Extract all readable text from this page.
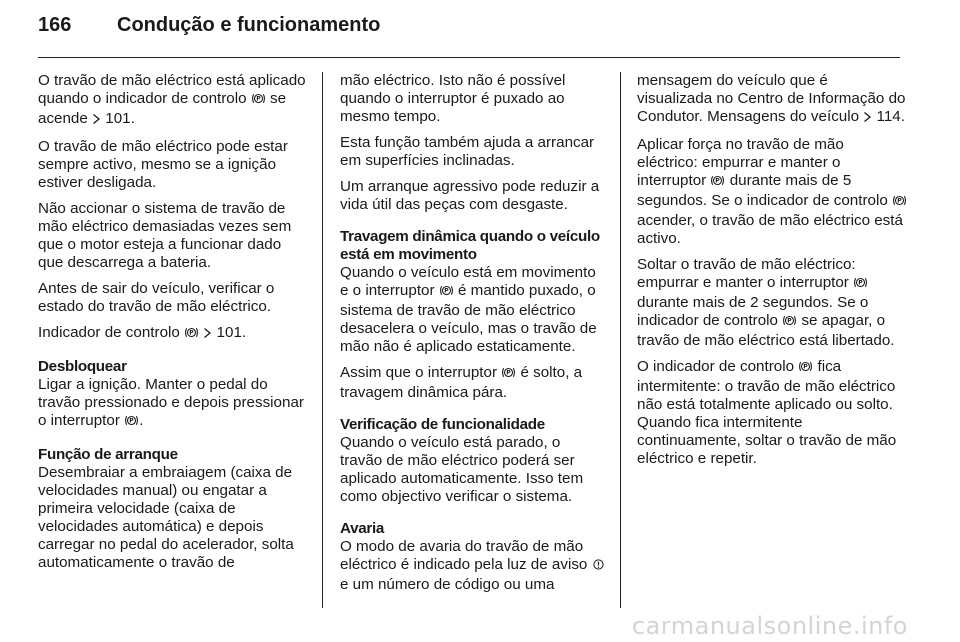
166 Condução e funcionamento

O travão de mão eléctrico está aplicado quando o indicador de controlo P se acende  101.

O travão de mão eléctrico pode estar sempre activo, mesmo se a ignição estiver desligada.

Não accionar o sistema de travão de mão eléctrico demasiadas vezes sem que o motor esteja a funcionar dado que descarrega a bateria.

Antes de sair do veículo, verificar o estado do travão de mão eléctrico.

Indicador de controlo P 101.

Desbloquear

Ligar a ignição. Manter o pedal do travão pressionado e depois pressionar o interruptor P .

Função de arranque

Desembraiar a embraiagem (caixa de velocidades manual) ou engatar a primeira velocidade (caixa de velocidades automática) e depois carregar no pedal do acelerador, solta automaticamente o travão de

mão eléctrico. Isto não é possível quando o interruptor é puxado ao mesmo tempo.

Esta função também ajuda a arrancar em superfícies inclinadas.

Um arranque agressivo pode reduzir a vida útil das peças com desgaste.

Travagem dinâmica quando o veículo está em movimento

Quando o veículo está em movimento e o interruptor P é mantido puxado, o sistema de travão de mão eléctrico desacelera o veículo, mas o travão de mão não é aplicado estaticamente.

Assim que o interruptor P é solto, a travagem dinâmica pára.

Verificação de funcionalidade

Quando o veículo está parado, o travão de mão eléctrico poderá ser aplicado automaticamente. Isso tem como objectivo verificar o sistema.

Avaria

O modo de avaria do travão de mão eléctrico é indicado pela luz de aviso  e um número de código ou uma

mensagem do veículo que é visualizada no Centro de Informação do Condutor. Mensagens do veículo 114.

Aplicar força no travão de mão eléctrico: empurrar e manter o interruptor P durante mais de 5 segundos. Se o indicador de controlo P
acender, o travão de mão eléctrico está activo.

Soltar o travão de mão eléctrico: empurrar e manter o interruptor P
durante mais de 2 segundos. Se o indicador de controlo P se apagar, o travão de mão eléctrico está libertado.

O indicador de controlo P fica intermitente: o travão de mão eléctrico não está totalmente aplicado ou solto. Quando fica intermitente continuamente, soltar o travão de mão eléctrico e repetir.

carmanualsonline.info
